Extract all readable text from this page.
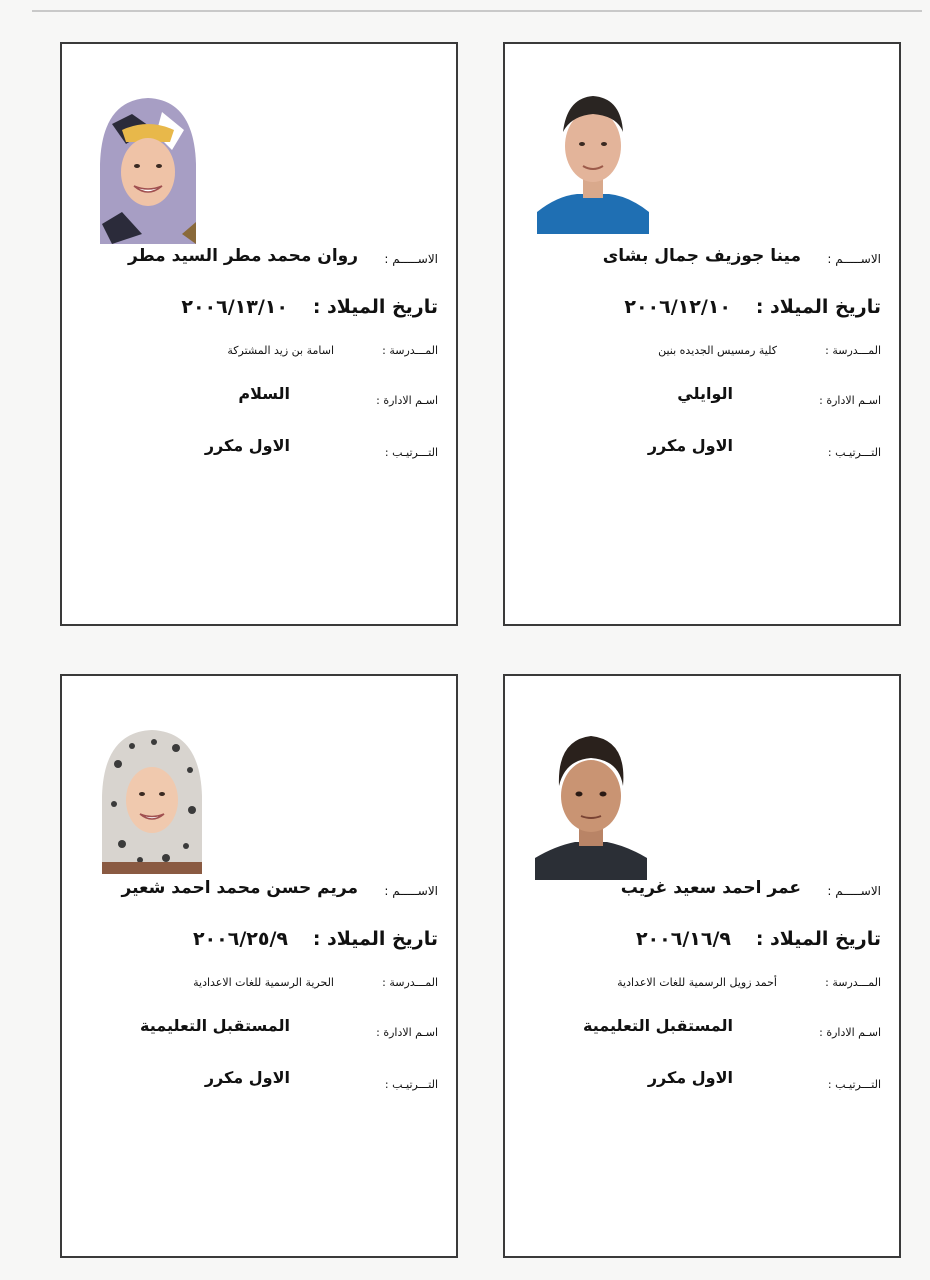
الاســـــم :
مينا جوزيف جمال بشاى
تاريخ الميلاد :
٢٠٠٦/١٢/١٠
المـــدرسة :
كلية رمسيس الجديده بنين
اسـم الادارة :
الوايلي
التـــرتيـب :
الاول مكرر
الاســـــم :
روان محمد مطر السيد مطر
تاريخ الميلاد :
٢٠٠٦/١٣/١٠
المـــدرسة :
اسامة بن زيد المشتركة
اسـم الادارة :
السلام
التـــرتيـب :
الاول مكرر
الاســـــم :
عمر احمد سعيد غريب
تاريخ الميلاد :
٢٠٠٦/١٦/٩
المـــدرسة :
أحمد زويل الرسمية للغات الاعدادية
اسـم الادارة :
المستقبل التعليمية
التـــرتيـب :
الاول مكرر
الاســـــم :
مريم حسن محمد احمد شعير
تاريخ الميلاد :
٢٠٠٦/٢٥/٩
المـــدرسة :
الحرية الرسمية للغات الاعدادية
اسـم الادارة :
المستقبل التعليمية
التـــرتيـب :
الاول مكرر
